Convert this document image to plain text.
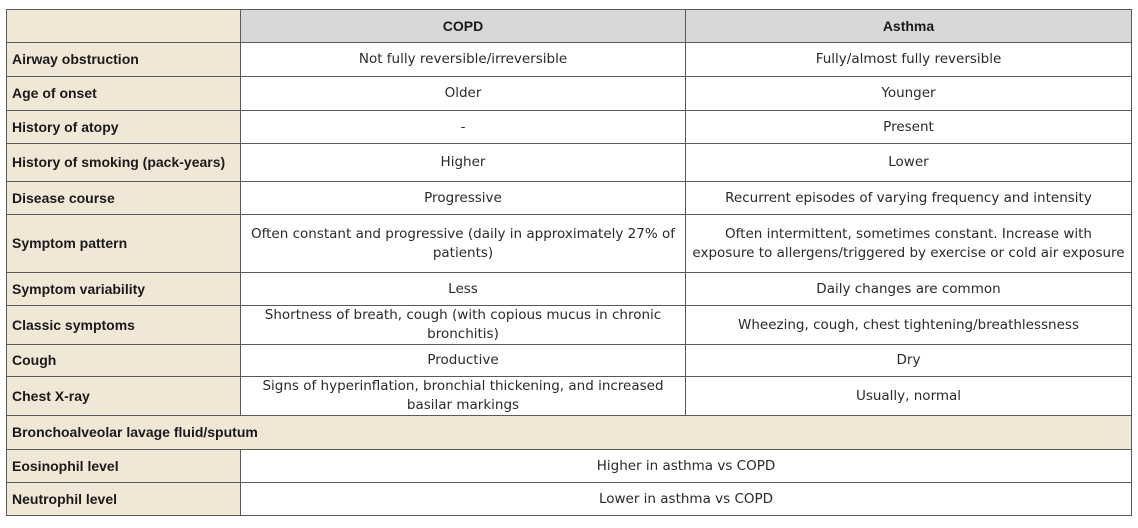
	COPD	Asthma
Airway obstruction	Not fully reversible/irreversible	Fully/almost fully reversible
Age of onset	Older	Younger
History of atopy	-	Present
History of smoking (pack-years)	Higher	Lower
Disease course	Progressive	Recurrent episodes of varying frequency and intensity
Symptom pattern	Often constant and progressive (daily in approximately 27% of patients)	Often intermittent, sometimes constant. Increase with exposure to allergens/triggered by exercise or cold air exposure
Symptom variability	Less	Daily changes are common
Classic symptoms	Shortness of breath, cough (with copious mucus in chronic bronchitis)	Wheezing, cough, chest tightening/breathlessness
Cough	Productive	Dry
Chest X-ray	Signs of hyperinflation, bronchial thickening, and increased basilar markings	Usually, normal
Bronchoalveolar lavage fluid/sputum		
Eosinophil level	Higher in asthma vs COPD	
Neutrophil level	Lower in asthma vs COPD	
